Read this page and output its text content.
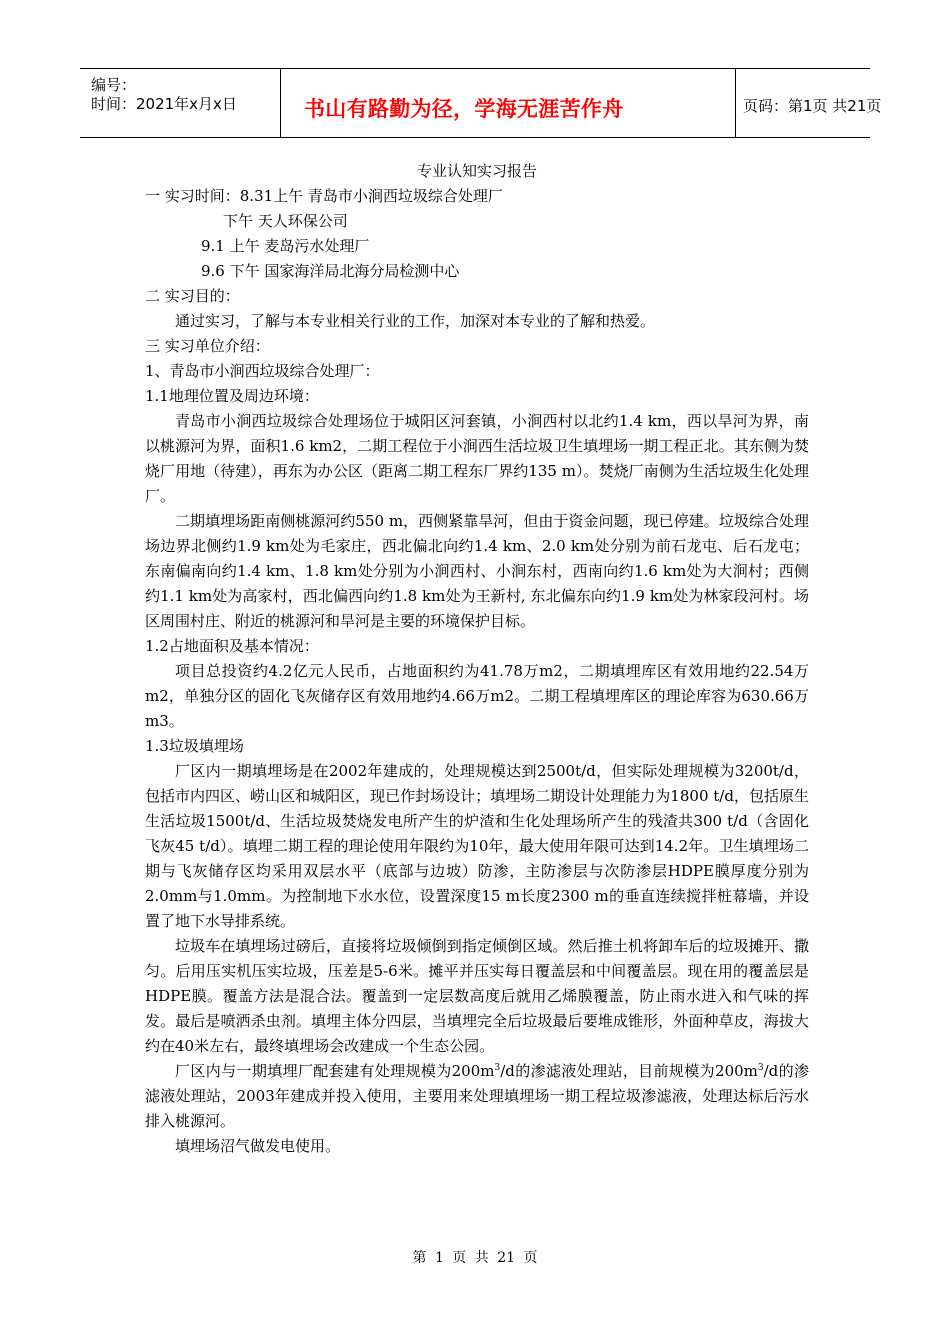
编号：
时间：2021年x月x日	书山有路勤为径，学海无涯苦作舟	页码：第1页 共21页
专业认知实习报告
一 实习时间：8.31上午 青岛市小涧西垃圾综合处理厂
下午 天人环保公司
9.1 上午 麦岛污水处理厂
9.6 下午 国家海洋局北海分局检测中心
二 实习目的：
通过实习，了解与本专业相关行业的工作，加深对本专业的了解和热爱。
三 实习单位介绍：
1、青岛市小涧西垃圾综合处理厂：
1.1地理位置及周边环境：
青岛市小涧西垃圾综合处理场位于城阳区河套镇，小涧西村以北约1.4 km，西以旱河为界，南以桃源河为界，面积1.6 km2，二期工程位于小涧西生活垃圾卫生填埋场一期工程正北。其东侧为焚烧厂用地（待建），再东为办公区（距离二期工程东厂界约135 m）。焚烧厂南侧为生活垃圾生化处理厂。
二期填埋场距南侧桃源河约550 m，西侧紧靠旱河，但由于资金问题，现已停建。垃圾综合处理场边界北侧约1.9 km处为毛家庄，西北偏北向约1.4 km、2.0 km处分别为前石龙屯、后石龙屯；东南偏南向约1.4 km、1.8 km处分别为小涧西村、小涧东村，西南向约1.6 km处为大涧村；西侧约1.1 km处为高家村，西北偏西向约1.8 km处为王新村, 东北偏东向约1.9 km处为林家段河村。场区周围村庄、附近的桃源河和旱河是主要的环境保护目标。
1.2占地面积及基本情况：
项目总投资约4.2亿元人民币，占地面积约为41.78万m2，二期填埋库区有效用地约22.54万m2，单独分区的固化飞灰储存区有效用地约4.66万m2。二期工程填埋库区的理论库容为630.66万m3。
1.3垃圾填埋场
厂区内一期填埋场是在2002年建成的，处理规模达到2500t/d，但实际处理规模为3200t/d，包括市内四区、崂山区和城阳区，现已作封场设计；填埋场二期设计处理能力为1800 t/d，包括原生生活垃圾1500t/d、生活垃圾焚烧发电所产生的炉渣和生化处理场所产生的残渣共300 t/d（含固化飞灰45 t/d）。填埋二期工程的理论使用年限约为10年，最大使用年限可达到14.2年。卫生填埋场二期与飞灰储存区均采用双层水平（底部与边坡）防渗，主防渗层与次防渗层HDPE膜厚度分别为2.0mm与1.0mm。为控制地下水水位，设置深度15 m长度2300 m的垂直连续搅拌桩幕墙，并设置了地下水导排系统。
垃圾车在填埋场过磅后，直接将垃圾倾倒到指定倾倒区域。然后推土机将卸车后的垃圾摊开、撒匀。后用压实机压实垃圾，压差是5-6米。摊平并压实每日覆盖层和中间覆盖层。现在用的覆盖层是HDPE膜。覆盖方法是混合法。覆盖到一定层数高度后就用乙烯膜覆盖，防止雨水进入和气味的挥发。最后是喷洒杀虫剂。填埋主体分四层，当填埋完全后垃圾最后要堆成锥形，外面种草皮，海拔大约在40米左右，最终填埋场会改建成一个生态公园。
厂区内与一期填埋厂配套建有处理规模为$200m^3/d$的渗滤液处理站，目前规模为$200m^3/d$的渗滤液处理站，2003年建成并投入使用，主要用来处理填埋场一期工程垃圾渗滤液，处理达标后污水排入桃源河。
填埋场沼气做发电使用。
第 1 页 共 21 页
